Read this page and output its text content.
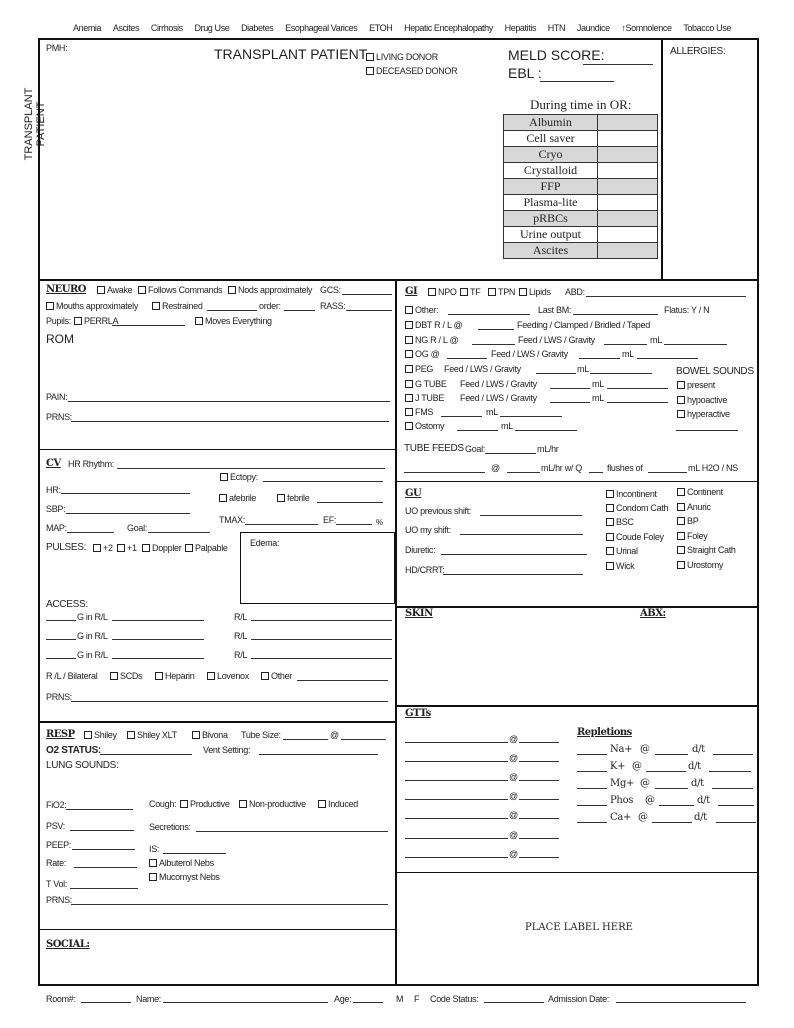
Anemia Ascites Cirrhosis Drug Use Diabetes Esophageal Varices ETOH Hepatic Encephalopathy Hepatitis HTN Jaundice ↑Somnolence Tobacco Use
TRANSPLANT PATIENT
PMH:	TRANSPLANT PATIENT LIVING DONOR
DECEASED DONOR
MELD SCORE:
EBL :
During time in OR:
Albumin	
Cell saver	
Cryo	
Crystalloid	
FFP	
Plasma-lite	
pRBCs	
Urine output	
Ascites	
ALLERGIES:
NEURO	Awake	Follows Commands	Nods approximately GCS:
Mouths approximately	Restrained	order:	RASS:
Pupils:	PERRLA	Moves Everything
ROM
PAIN:
PRNS:
CV HR Rhythm:
Ectopy:
HR:
afebrile	febrile
SBP:
TMAX:	EF:	%
MAP:	Goal:
PULSES:	+2	+1	Doppler	Palpable Edema:
ACCESS:
G in R/L	R/L
G in R/L	R/L
G in R/L	R/L
R /L / Bilateral	SCDs	Heparin	Lovenox	Other
PRNS:
RESP	Shiley	Shiley XLT	Bivona Tube Size:	@
O2 STATUS:	Vent Setting:
LUNG SOUNDS:
FiO2:	Cough:	Productive	Non-productive	Induced
PSV:	Secretions:
PEEP:	IS:
Rate:	Albuterol Nebs
Mucomyst Nebs
T Vol:
PRNS:
SOCIAL:
GI	NPO	TF	TPN	Lipids ABD:
Other:	Last BM:	Flatus: Y / N
DBT R / L @	Feeding / Clamped / Bridled / Taped
NG R / L @	Feed / LWS / Gravity	mL
OG @	Feed / LWS / Gravity	mL
PEG Feed / LWS / Gravity	mL	BOWEL SOUNDS
G TUBE Feed / LWS / Gravity	mL	present
J TUBE Feed / LWS / Gravity	mL	hypoactive
FMS	mL	hyperactive
Ostomy	mL
TUBE FEEDS Goal:	mL/hr
@	mL/hr w/ Q	flushes of	mL H2O / NS
GU
UO previous shift:
UO my shift:
Diuretic:
HD/CRRT:
Incontinent
Condom Cath
BSC
Coude Foley
Urinal
Wick
Continent
Anuric
BP
Foley
Straight Cath
Urostomy
SKIN	ABX:
GTTs
@
@
@
@
@
@
@
Repletions
Na+ @	d/t
K+ @	d/t
Mg+ @	d/t
Phos @	d/t
Ca+ @	d/t
PLACE LABEL HERE
Room#:	Name:	Age:	M F Code Status:	Admission Date:
